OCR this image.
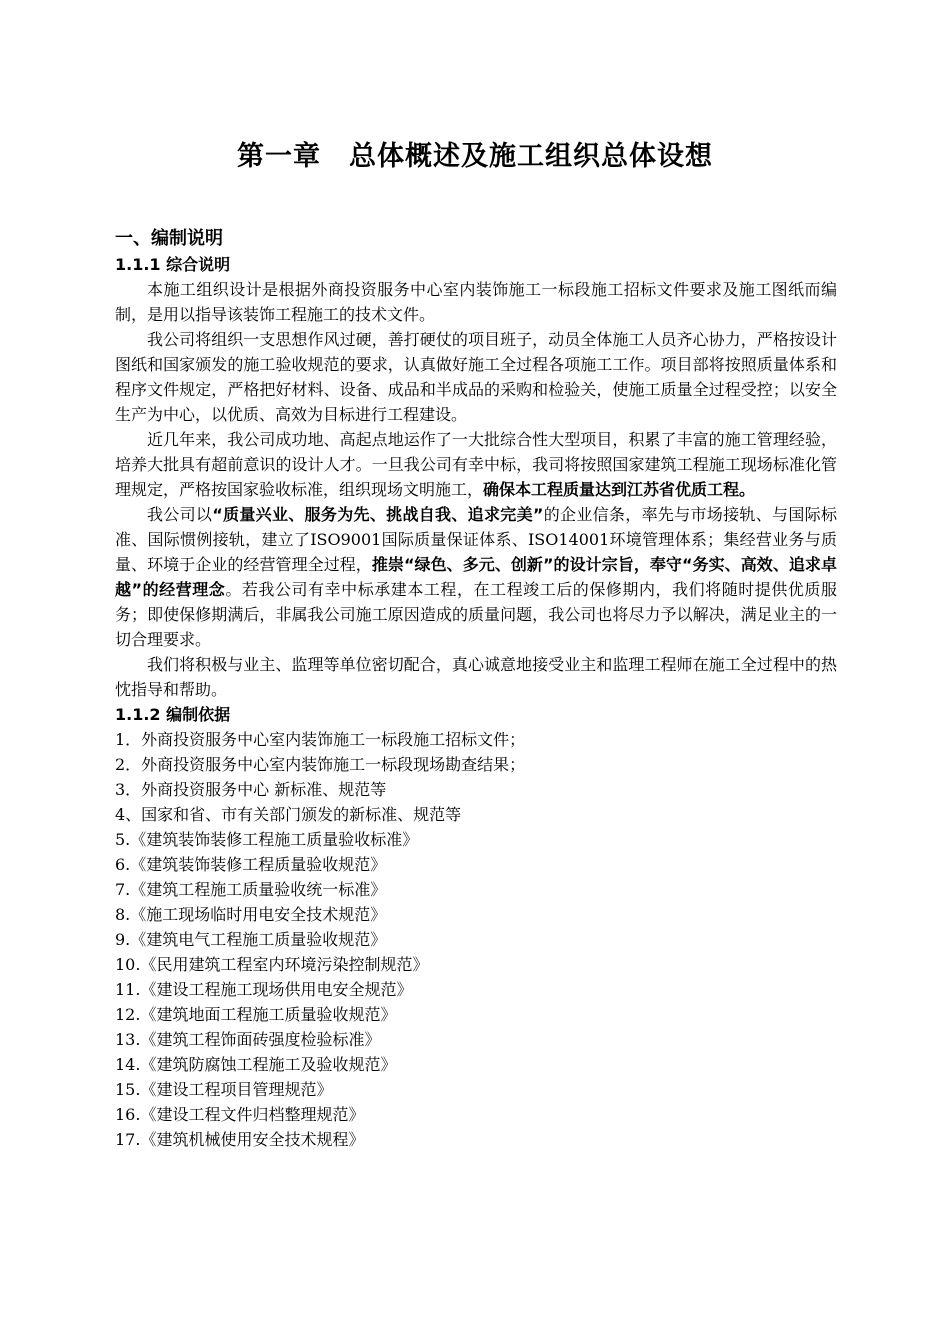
第一章　总体概述及施工组织总体设想
一、编制说明
1.1.1 综合说明

本施工组织设计是根据外商投资服务中心室内装饰施工一标段施工招标文件要求及施工图纸而编制，是用以指导该装饰工程施工的技术文件。

我公司将组织一支思想作风过硬，善打硬仗的项目班子，动员全体施工人员齐心协力，严格按设计图纸和国家颁发的施工验收规范的要求，认真做好施工全过程各项施工工作。项目部将按照质量体系和程序文件规定，严格把好材料、设备、成品和半成品的采购和检验关，使施工质量全过程受控；以安全生产为中心，以优质、高效为目标进行工程建设。

近几年来，我公司成功地、高起点地运作了一大批综合性大型项目，积累了丰富的施工管理经验，培养大批具有超前意识的设计人才。一旦我公司有幸中标，我司将按照国家建筑工程施工现场标准化管理规定，严格按国家验收标准，组织现场文明施工，确保本工程质量达到江苏省优质工程。

我公司以“质量兴业、服务为先、挑战自我、追求完美”的企业信条，率先与市场接轨、与国际标准、国际惯例接轨，建立了ISO9001国际质量保证体系、ISO14001环境管理体系；集经营业务与质量、环境于企业的经营管理全过程，推崇“绿色、多元、创新”的设计宗旨，奉守“务实、高效、追求卓越”的经营理念。若我公司有幸中标承建本工程，在工程竣工后的保修期内，我们将随时提供优质服务；即使保修期满后，非属我公司施工原因造成的质量问题，我公司也将尽力予以解决，满足业主的一切合理要求。

我们将积极与业主、监理等单位密切配合，真心诚意地接受业主和监理工程师在施工全过程中的热忱指导和帮助。

1.1.2 编制依据
1．外商投资服务中心室内装饰施工一标段施工招标文件；
2．外商投资服务中心室内装饰施工一标段现场勘查结果；
3．外商投资服务中心 新标准、规范等
4、国家和省、市有关部门颁发的新标准、规范等
5.《建筑装饰装修工程施工质量验收标准》
6.《建筑装饰装修工程质量验收规范》
7.《建筑工程施工质量验收统一标准》
8.《施工现场临时用电安全技术规范》
9.《建筑电气工程施工质量验收规范》
10.《民用建筑工程室内环境污染控制规范》
11.《建设工程施工现场供用电安全规范》
12.《建筑地面工程施工质量验收规范》
13.《建筑工程饰面砖强度检验标准》
14.《建筑防腐蚀工程施工及验收规范》
15.《建设工程项目管理规范》
16.《建设工程文件归档整理规范》
17.《建筑机械使用安全技术规程》
